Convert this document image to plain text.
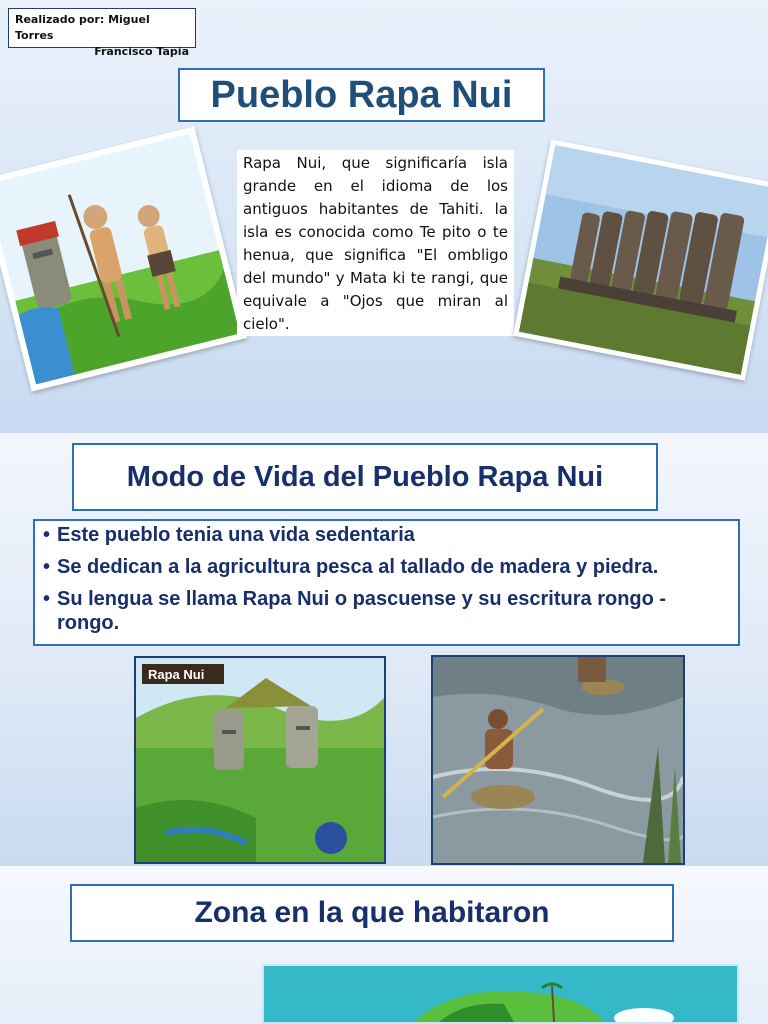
Realizado por: Miguel Torres
Francisco Tapia
Pueblo Rapa Nui
Rapa Nui, que significaría isla grande en el idioma de los antiguos habitantes de Tahiti. la isla es conocida como Te pito o te henua, que significa "El ombligo del mundo" y Mata ki te rangi, que equivale a "Ojos que miran al cielo".
Modo de Vida del Pueblo Rapa Nui
• Este pueblo tenia una vida sedentaria
• Se dedican a la agricultura pesca al tallado de madera y piedra.
• Su lengua se llama Rapa Nui o pascuense y su escritura rongo - rongo.
Rapa Nui
Zona en la que habitaron
